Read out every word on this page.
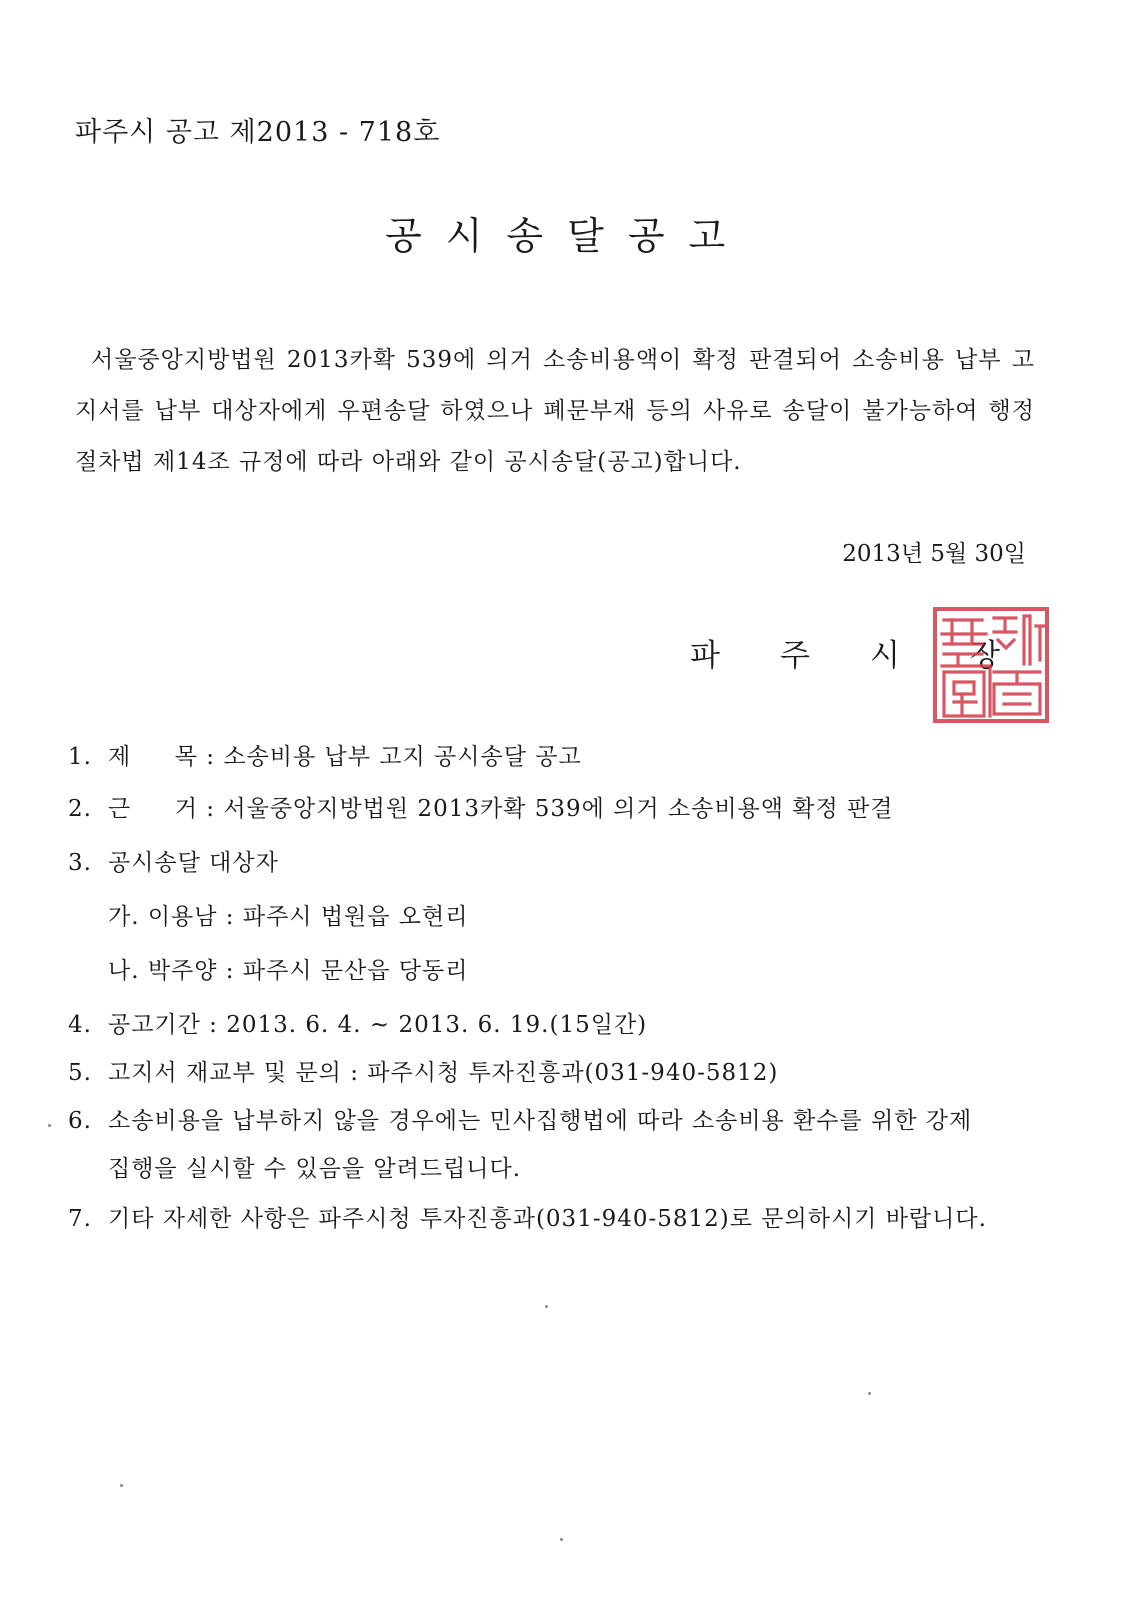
파주시 공고 제2013 - 718호
공시송달공고
서울중앙지방법원 2013카확 539에 의거 소송비용액이 확정 판결되어 소송비용 납부 고지서를 납부 대상자에게 우편송달 하였으나 폐문부재 등의 사유로 송달이 불가능하여 행정절차법 제14조 규정에 따라 아래와 같이 공시송달(공고)합니다.
2013년 5월 30일
파 주 시 장
1. 제 목 : 소송비용 납부 고지 공시송달 공고
2. 근 거 : 서울중앙지방법원 2013카확 539에 의거 소송비용액 확정 판결
3. 공시송달 대상자
가. 이용남 : 파주시 법원읍 오현리
나. 박주양 : 파주시 문산읍 당동리
4. 공고기간 : 2013. 6. 4. ~ 2013. 6. 19.(15일간)
5. 고지서 재교부 및 문의 : 파주시청 투자진흥과(031-940-5812)
6. 소송비용을 납부하지 않을 경우에는 민사집행법에 따라 소송비용 환수를 위한 강제
집행을 실시할 수 있음을 알려드립니다.
7. 기타 자세한 사항은 파주시청 투자진흥과(031-940-5812)로 문의하시기 바랍니다.
